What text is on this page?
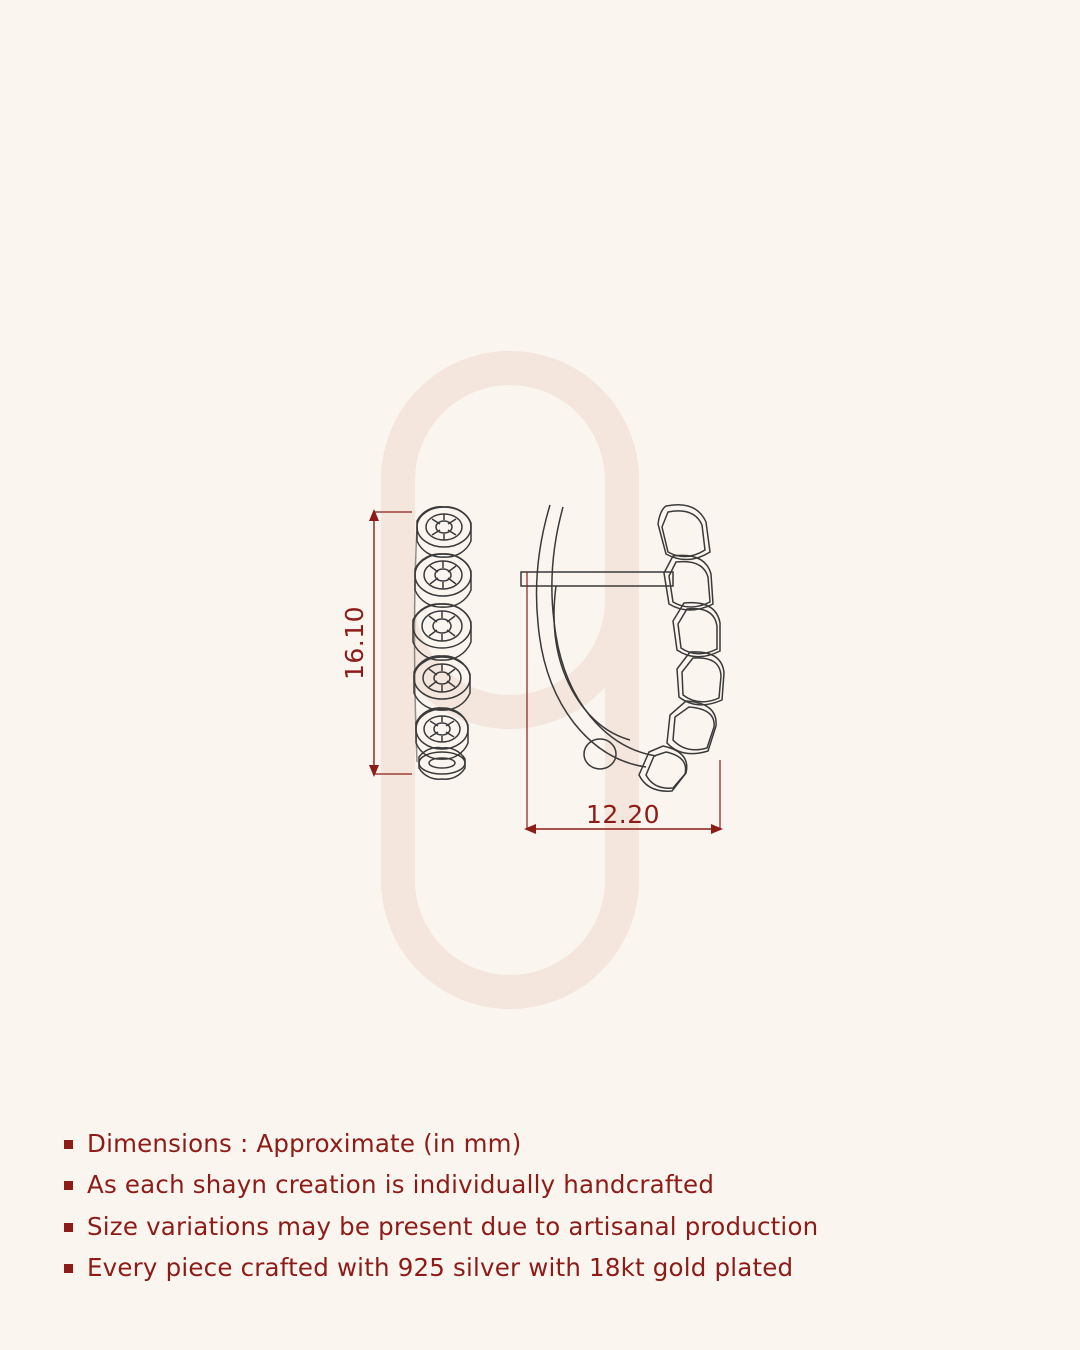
16.10
12.20
Dimensions : Approximate (in mm)
As each shayn creation is individually handcrafted
Size variations may be present due to artisanal production
Every piece crafted with 925 silver with 18kt gold plated
